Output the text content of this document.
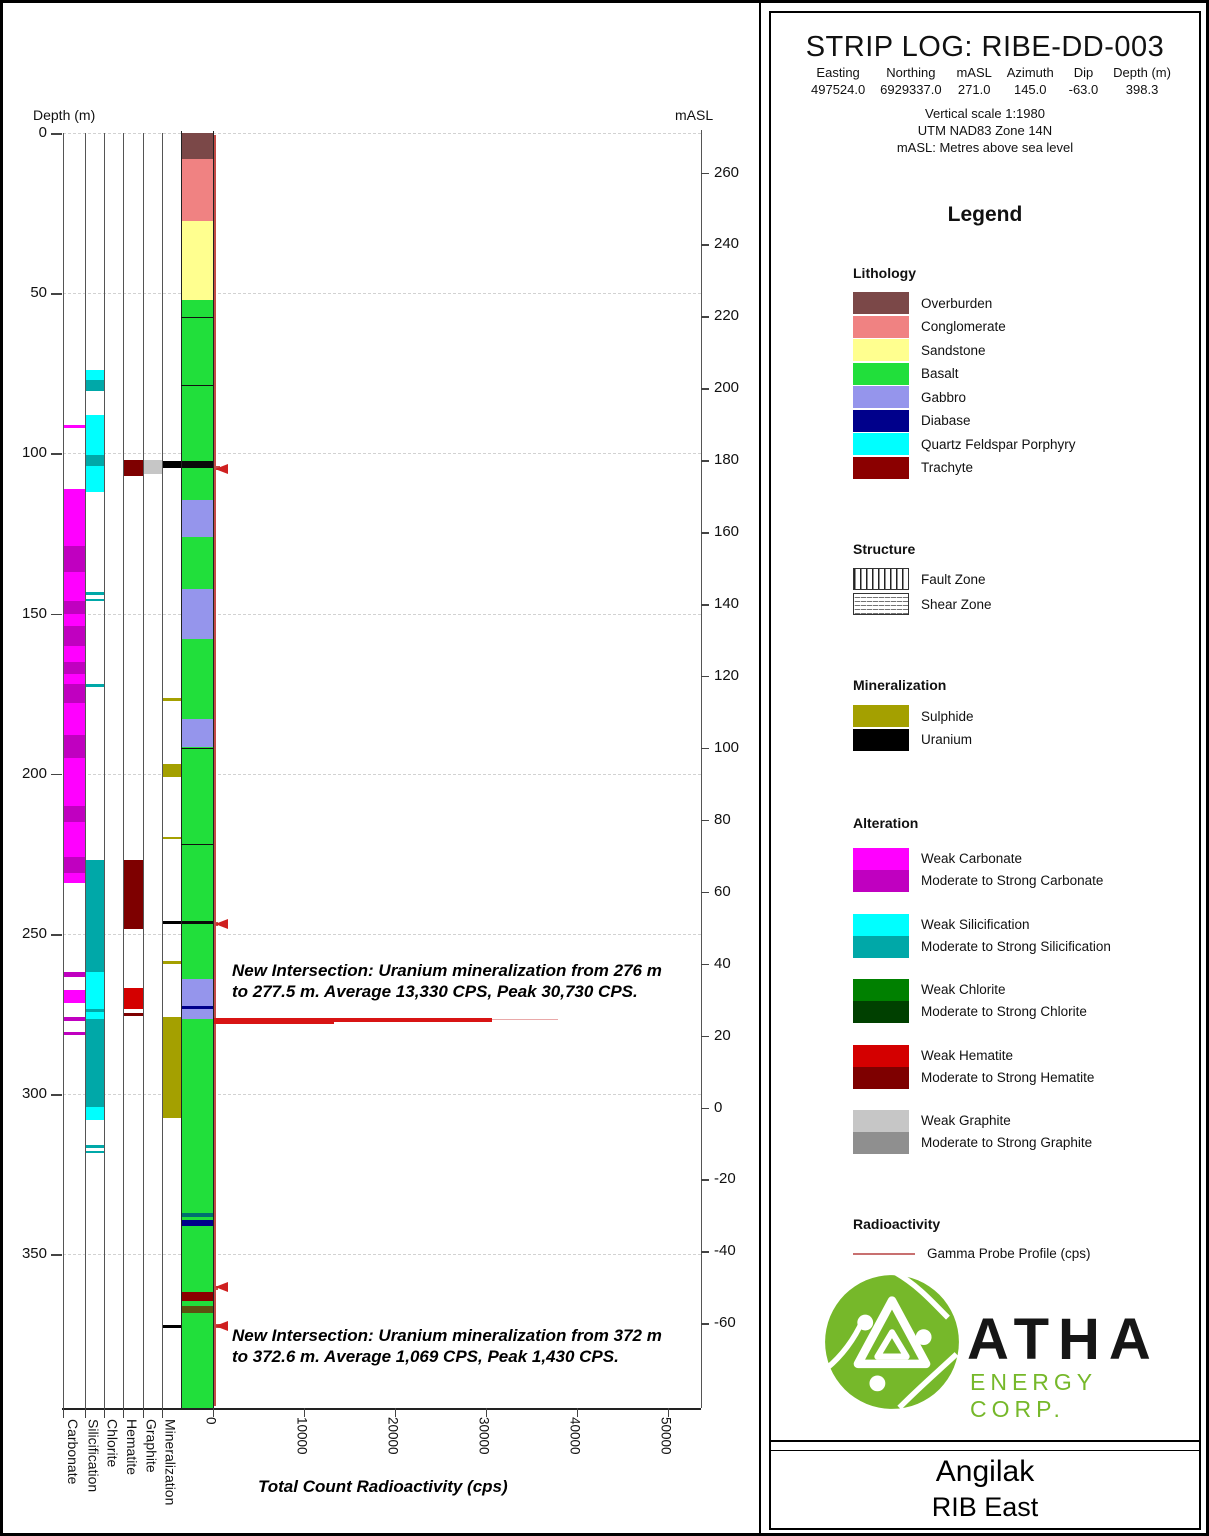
Depth (m)	mASL
Total Count Radioactivity (cps)
0
50
100
150
200
250
300
350
260
240
220
200
180
160
140
120
100
80
60
40
20
0
-20
-40
-60
0	10000	20000	30000	40000	50000
Carbonate Silicification Chlorite Hematite Graphite Mineralization
New Intersection: Uranium mineralization from 276 m
to 277.5 m. Average 13,330 CPS, Peak 30,730 CPS.
New Intersection: Uranium mineralization from 372 m
to 372.6 m. Average 1,069 CPS, Peak 1,430 CPS.
STRIP LOG: RIBE-DD-003
Easting
497524.0
Northing
6929337.0
mASL
271.0
Azimuth
145.0
Dip
-63.0
Depth (m)
398.3
Vertical scale 1:1980
UTM NAD83 Zone 14N
mASL: Metres above sea level
Legend
Lithology
Structure
Mineralization
Alteration
Radioactivity
ATHA
ENERGY CORP.
Overburden
Conglomerate
Sandstone
Basalt
Gabbro
Diabase
Quartz Feldspar Porphyry
Trachyte
Fault Zone
Shear Zone
Sulphide
Uranium
Weak Carbonate
Moderate to Strong Carbonate
Weak Silicification
Moderate to Strong Silicification
Weak Chlorite
Moderate to Strong Chlorite
Weak Hematite
Moderate to Strong Hematite
Weak Graphite
Moderate to Strong Graphite
Gamma Probe Profile (cps)
Angilak
RIB East
